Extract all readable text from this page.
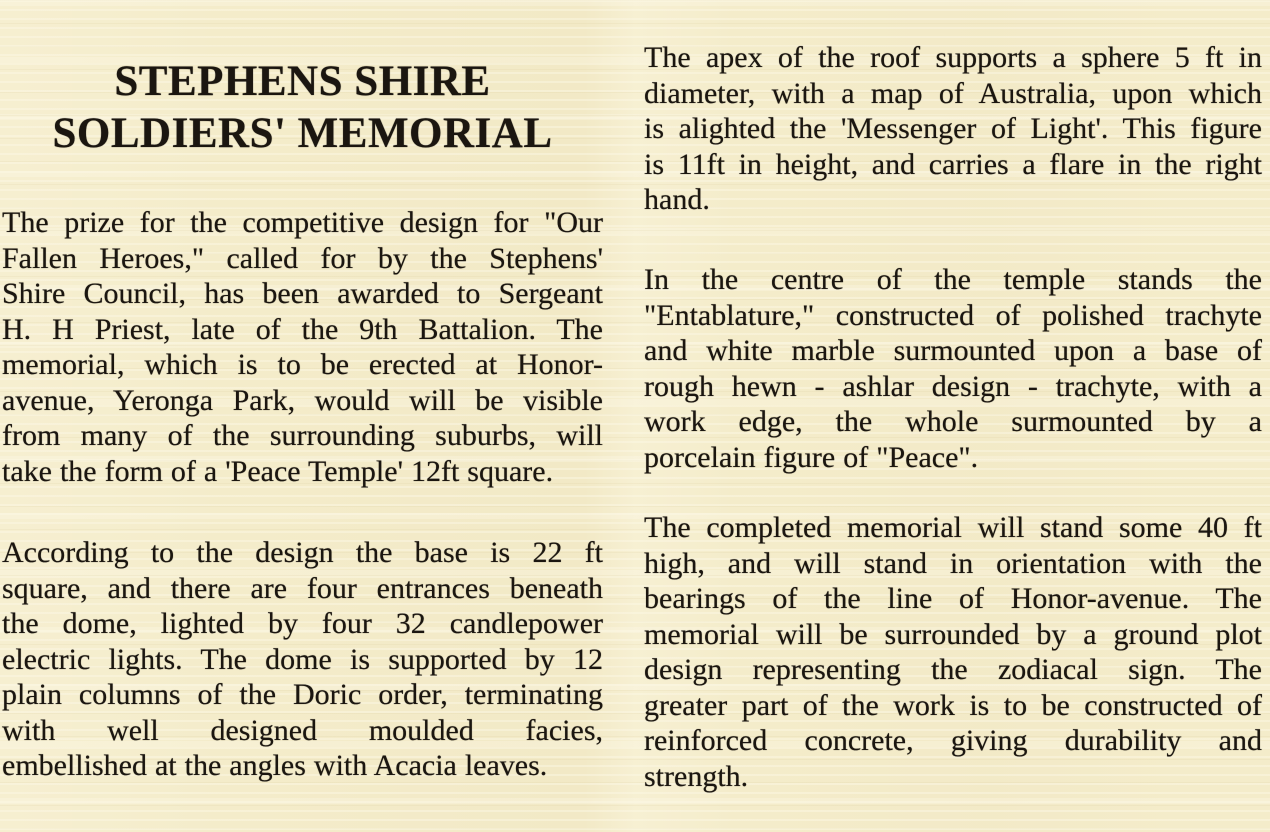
STEPHENS SHIRE
SOLDIERS' MEMORIAL
The prize for the competitive design for "Our
Fallen Heroes," called for by the Stephens'
Shire Council, has been awarded to Sergeant
H. H Priest, late of the 9th Battalion. The
memorial, which is to be erected at Honor-
avenue, Yeronga Park, would will be visible
from many of the surrounding suburbs, will
take the form of a 'Peace Temple' 12ft square.
According to the design the base is 22 ft
square, and there are four entrances beneath
the dome, lighted by four 32 candlepower
electric lights. The dome is supported by 12
plain columns of the Doric order, terminating
with well designed moulded facies,
embellished at the angles with Acacia leaves.
The apex of the roof supports a sphere 5 ft in
diameter, with a map of Australia, upon which
is alighted the 'Messenger of Light'. This figure
is 11ft in height, and carries a flare in the right
hand.
In the centre of the temple stands the
"Entablature," constructed of polished trachyte
and white marble surmounted upon a base of
rough hewn - ashlar design - trachyte, with a
work edge, the whole surmounted by a
porcelain figure of "Peace".
The completed memorial will stand some 40 ft
high, and will stand in orientation with the
bearings of the line of Honor-avenue. The
memorial will be surrounded by a ground plot
design representing the zodiacal sign. The
greater part of the work is to be constructed of
reinforced concrete, giving durability and
strength.
